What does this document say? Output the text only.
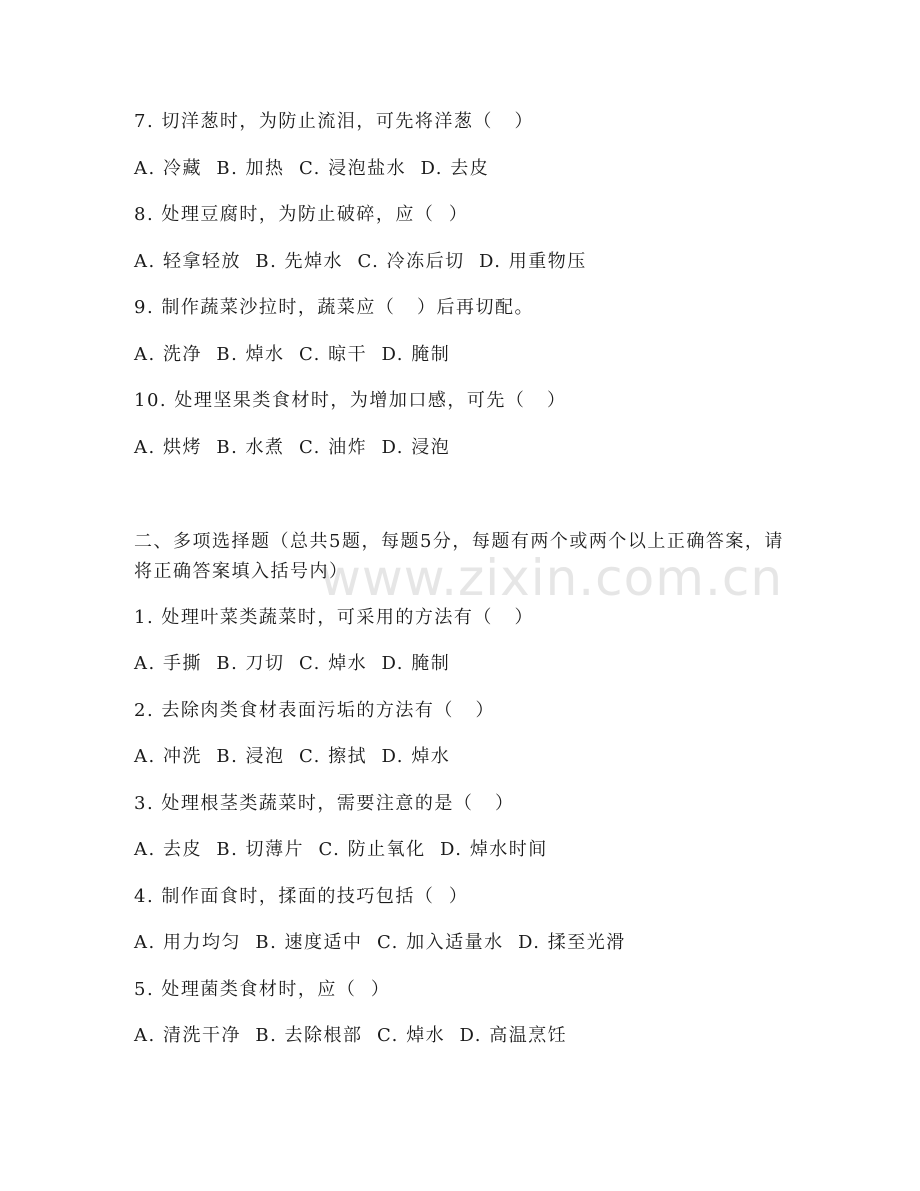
www.zixin.com.cn
7. 切洋葱时，为防止流泪，可先将洋葱（   ）
A. 冷藏  B. 加热  C. 浸泡盐水  D. 去皮
8. 处理豆腐时，为防止破碎，应（  ）
A. 轻拿轻放  B. 先焯水  C. 冷冻后切  D. 用重物压
9. 制作蔬菜沙拉时，蔬菜应（   ）后再切配。
A. 洗净  B. 焯水  C. 晾干  D. 腌制
10. 处理坚果类食材时，为增加口感，可先（   ）
A. 烘烤  B. 水煮  C. 油炸  D. 浸泡
二、多项选择题（总共5题，每题5分，每题有两个或两个以上正确答案，请将正确答案填入括号内）
1. 处理叶菜类蔬菜时，可采用的方法有（   ）
A. 手撕  B. 刀切  C. 焯水  D. 腌制
2. 去除肉类食材表面污垢的方法有（   ）
A. 冲洗  B. 浸泡  C. 擦拭  D. 焯水
3. 处理根茎类蔬菜时，需要注意的是（   ）
A. 去皮  B. 切薄片  C. 防止氧化  D. 焯水时间
4. 制作面食时，揉面的技巧包括（  ）
A. 用力均匀  B. 速度适中  C. 加入适量水  D. 揉至光滑
5. 处理菌类食材时，应（  ）
A. 清洗干净  B. 去除根部  C. 焯水  D. 高温烹饪
